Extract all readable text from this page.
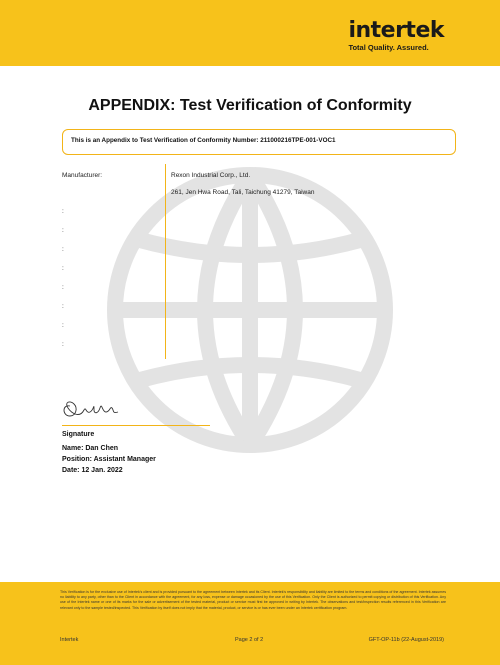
intertek
Total Quality. Assured.
APPENDIX: Test Verification of Conformity
This is an Appendix to Test Verification of Conformity Number: 211000216TPE-001-VOC1
Manufacturer:	Rexon Industrial Corp., Ltd.
261, Jen Hwa Road, Tali, Taichung 41279, Taiwan
:
:
:
:
:
:
:
:
Signature
Name: Dan Chen
Position: Assistant Manager
Date: 12 Jan. 2022
This Verification is for the exclusive use of Intertek's client and is provided pursuant to the agreement between Intertek and its Client. Intertek's responsibility and liability are limited to the terms and conditions of the agreement. Intertek assumes no liability to any party, other than to the Client in accordance with the agreement, for any loss, expense or damage occasioned by the use of this Verification. Only the Client is authorized to permit copying or distribution of this Verification. Any use of the Intertek name or one of its marks for the sale or advertisement of the tested material, product or service must first be approved in writing by Intertek. The observations and test/inspection results referenced in this Verification are relevant only to the sample tested/inspected. This Verification by itself does not imply that the material, product, or service is or has ever been under an Intertek certification program.
Intertek	Page 2 of 2	GFT-OP-11b (22-August-2019)
